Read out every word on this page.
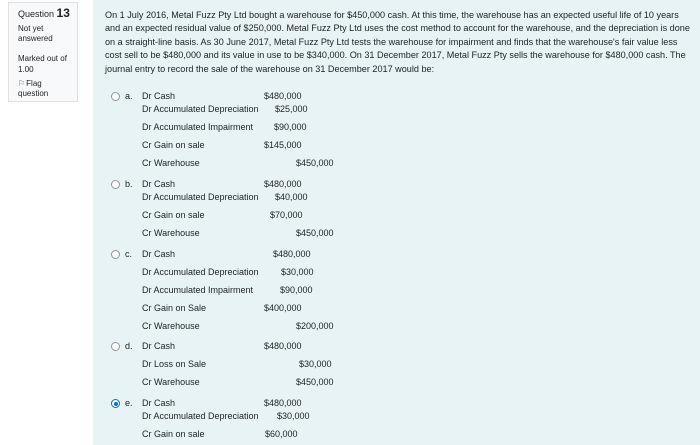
Question 13
Not yet answered
Marked out of 1.00
⚐Flag question
On 1 July 2016, Metal Fuzz Pty Ltd bought a warehouse for $450,000 cash. At this time, the warehouse has an expected useful life of 10 years and an expected residual value of $250,000. Metal Fuzz Pty Ltd uses the cost method to account for the warehouse, and the depreciation is done on a straight-line basis. As 30 June 2017, Metal Fuzz Pty Ltd tests the warehouse for impairment and finds that the warehouse's fair value less cost sell to be $480,000 and its value in use to be $340,000. On 31 December 2017, Metal Fuzz Pty sells the warehouse for $480,000 cash. The journal entry to record the sale of the warehouse on 31 December 2017 would be:
a. Dr Cash	$480,000
Dr Accumulated Depreciation $25,000
Dr Accumulated Impairment $90,000
Cr Gain on sale	$145,000
Cr Warehouse	$450,000
b. Dr Cash	$480,000
Dr Accumulated Depreciation $40,000
Cr Gain on sale	$70,000
Cr Warehouse	$450,000
c. Dr Cash	$480,000
Dr Accumulated Depreciation $30,000
Dr Accumulated Impairment	$90,000
Cr Gain on Sale	$400,000
Cr Warehouse	$200,000
d. Dr Cash	$480,000
Dr Loss on Sale	$30,000
Cr Warehouse	$450,000
e. Dr Cash	$480,000
Dr Accumulated Depreciation $30,000
Cr Gain on sale	$60,000
